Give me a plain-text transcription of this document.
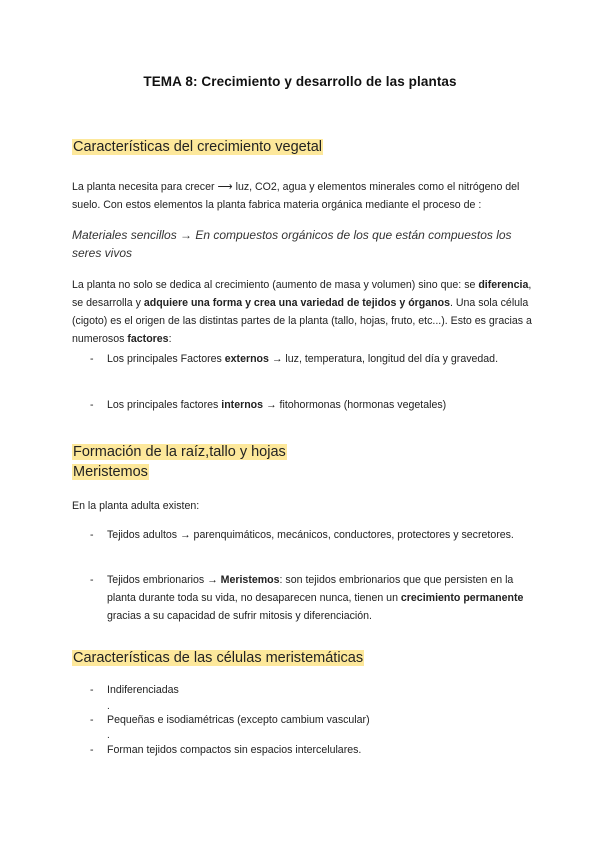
TEMA 8: Crecimiento y desarrollo de las plantas
Características del crecimiento vegetal
La planta necesita para crecer ⟶ luz, CO2, agua y elementos minerales como el nitrógeno del suelo. Con estos elementos la planta fabrica materia orgánica mediante el proceso de :
Materiales sencillos → En compuestos orgánicos de los que están compuestos los seres vivos
La planta no solo se dedica al crecimiento (aumento de masa y volumen) sino que: se diferencia, se desarrolla y adquiere una forma y crea una variedad de tejidos y órganos. Una sola célula (cigoto) es el origen de las distintas partes de la planta (tallo, hojas, fruto, etc...). Esto es gracias a numerosos factores:
- Los principales Factores externos → luz, temperatura, longitud del día y gravedad.
- Los principales factores internos → fitohormonas (hormonas vegetales)
Formación de la raíz,tallo y hojas
Meristemos
En la planta adulta existen:
- Tejidos adultos → parenquimáticos, mecánicos, conductores, protectores y secretores.
- Tejidos embrionarios → Meristemos: son tejidos embrionarios que que persisten en la planta durante toda su vida, no desaparecen nunca, tienen un crecimiento permanente gracias a su capacidad de sufrir mitosis y diferenciación.
Características de las células meristemáticas
- Indiferenciadas
.
- Pequeñas e isodiamétricas (excepto cambium vascular)
.
- Forman tejidos compactos sin espacios intercelulares.
